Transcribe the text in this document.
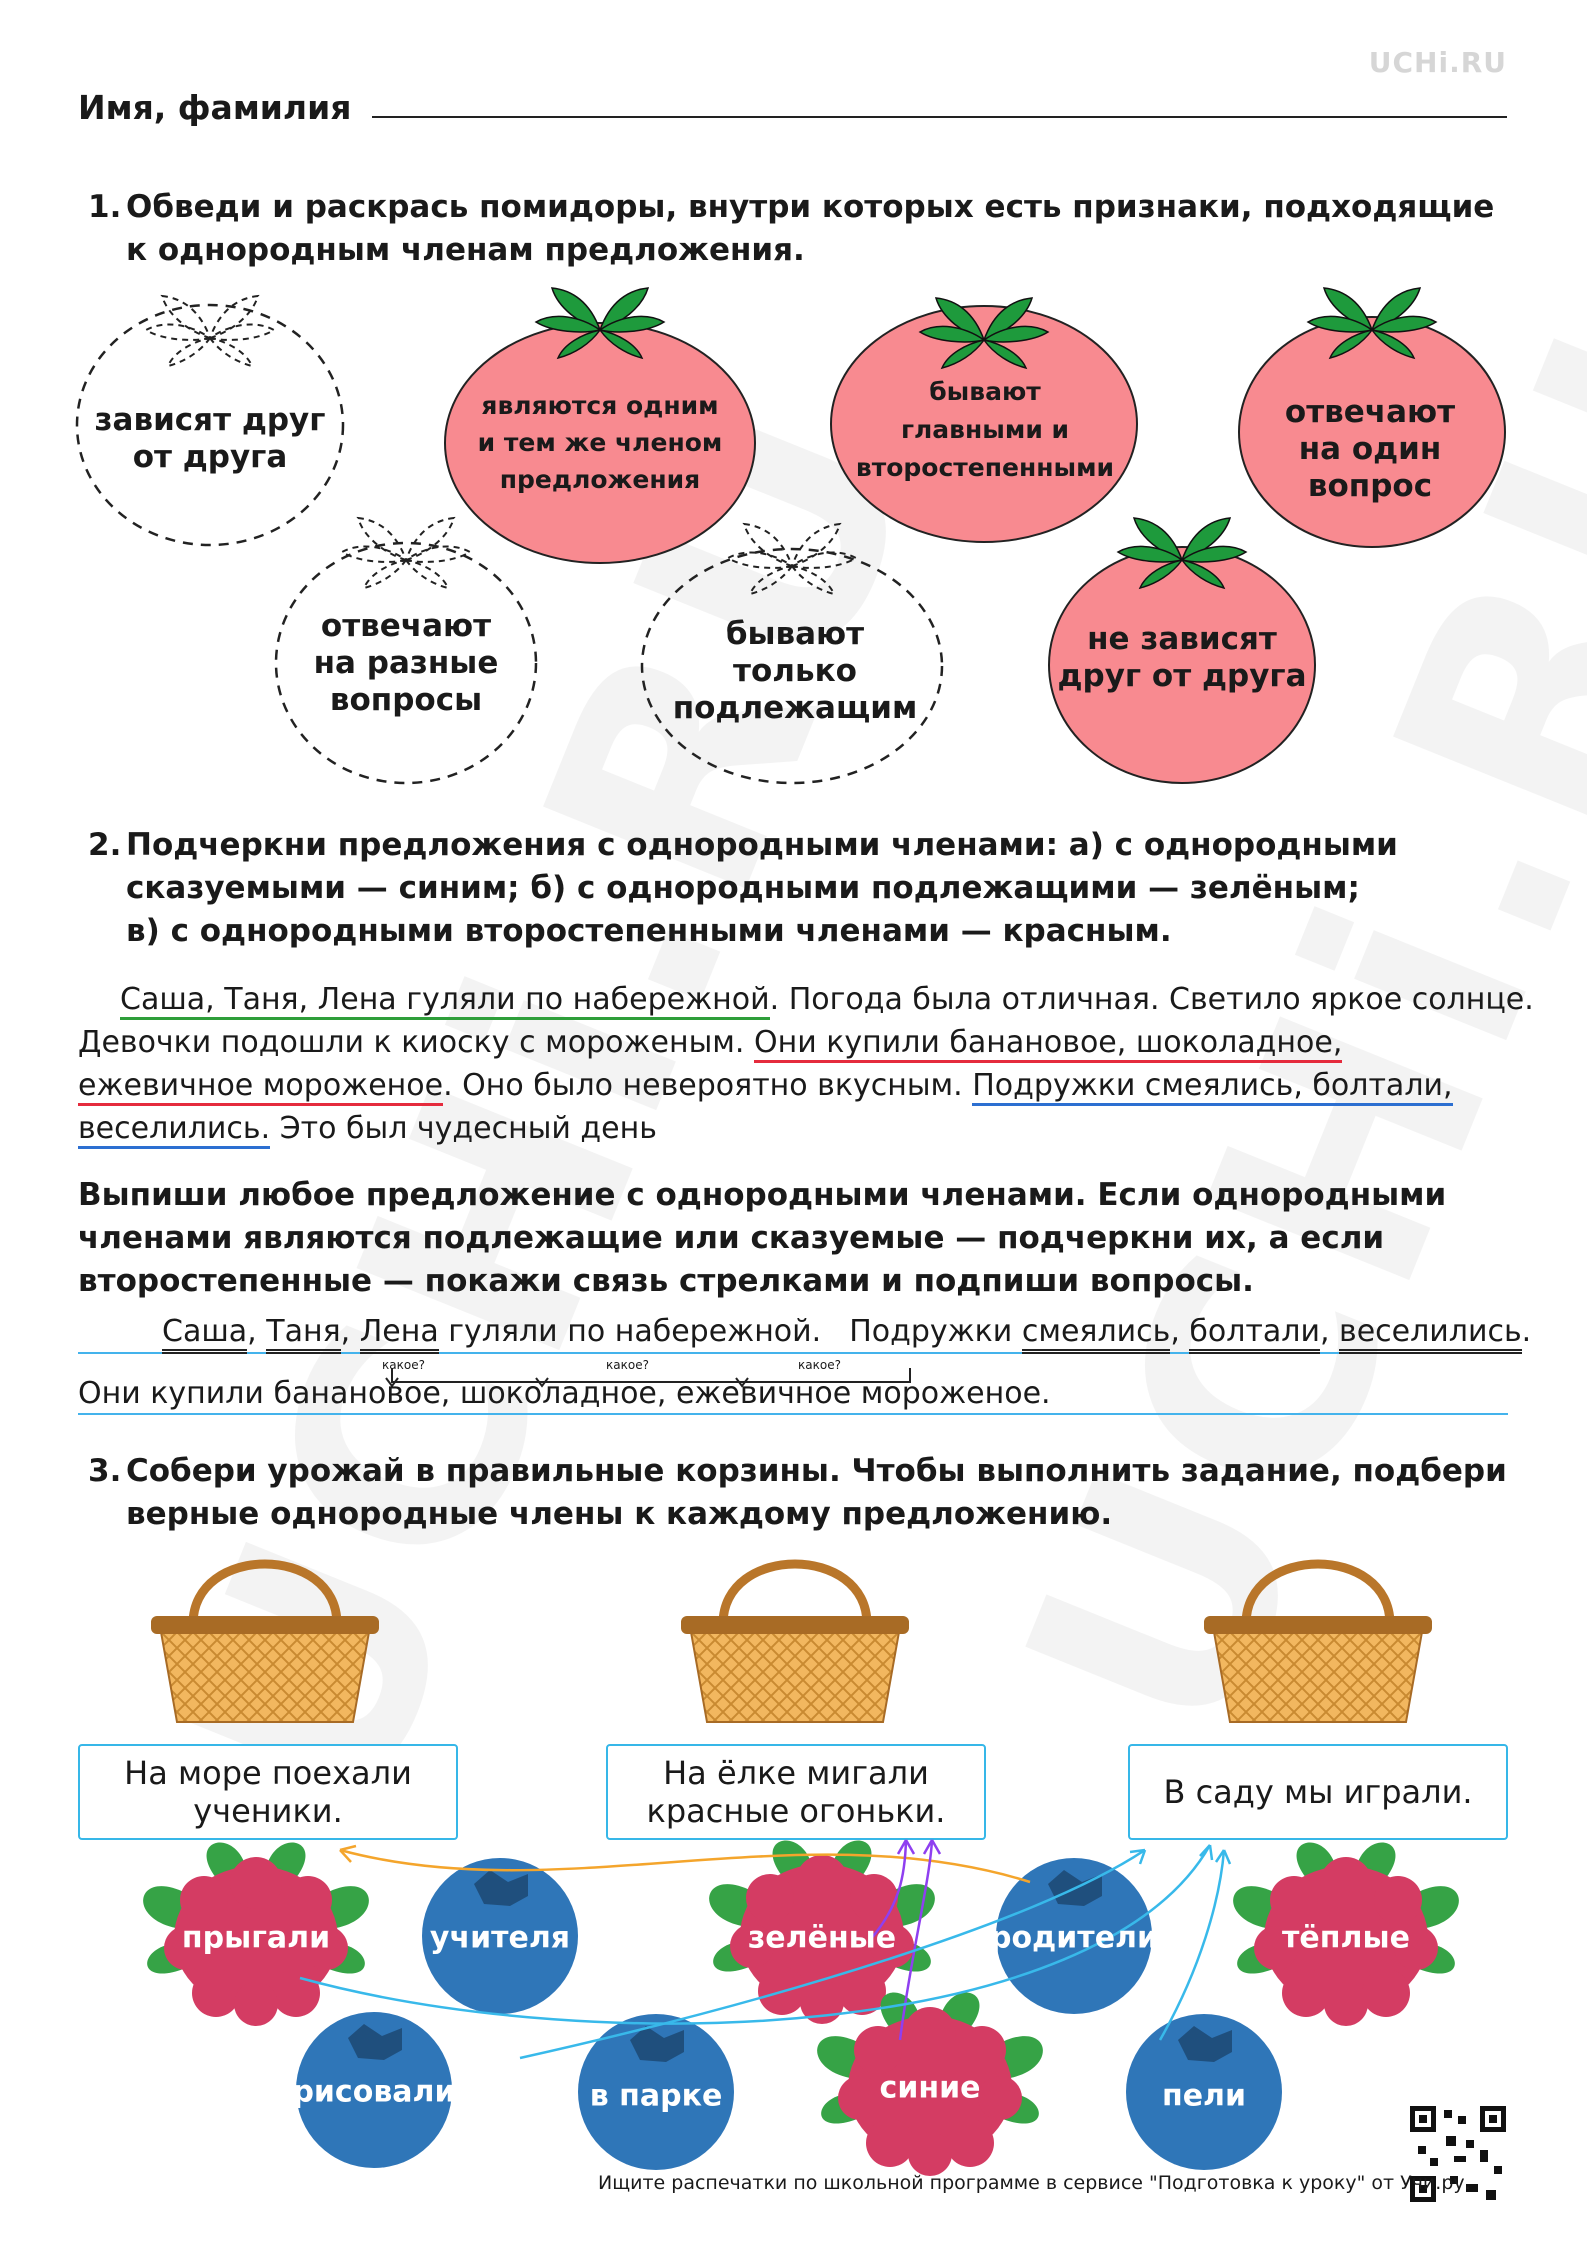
UCHi.RU
Имя, фамилия
1. Обведи и раскрась помидоры, внутри которых есть признаки, подходящие
к однородным членам предложения.
зависят друг
от друга
являются одним
и тем же членом
предложения
бывают
главными и
второстепенными
отвечают
на один
вопрос
отвечают
на разные
вопросы
бывают
только
подлежащим
не зависят
друг от друга
2. Подчеркни предложения с однородными членами: а) с однородными
сказуемыми — синим; б) с однородными подлежащими — зелёным;
в) с однородными второстепенными членами — красным.
Саша, Таня, Лена гуляли по набережной. Погода была отличная. Светило яркое солнце.
Девочки подошли к киоску с мороженым. Они купили банановое, шоколадное,
ежевичное мороженое. Оно было невероятно вкусным. Подружки смеялись, болтали,
веселились. Это был чудесный день
Выпиши любое предложение с однородными членами. Если однородными
членами являются подлежащие или сказуемые — подчеркни их, а если
второстепенные — покажи связь стрелками и подпиши вопросы.
Саша, Таня, Лена гуляли по набережной. Подружки смеялись, болтали, веселились.
какое?	какое?	какое?
Они купили банановое, шоколадное, ежевичное мороженое.
3. Собери урожай в правильные корзины. Чтобы выполнить задание, подбери
верные однородные члены к каждому предложению.
На море поехали
ученики.
На ёлке мигали
красные огоньки.	В саду мы играли.
прыгали	учителя	зелёные	родители	тёплые
рисовали	в парке	синие	пели
Ищите распечатки по школьной программе в сервисе "Подготовка к уроку" от Учи.ру.
